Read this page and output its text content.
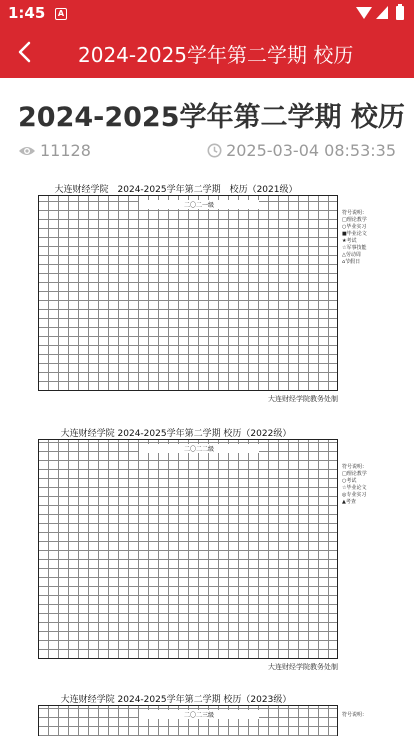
1:45	A
2024-2025学年第二学期 校历
2024-2025学年第二学期 校历
11128	2025-03-04 08:53:35
大连财经学院　2024-2025学年第二学期　校历（2021级）
二〇二一级
符号说明：
□理论教学
○毕业实习
■毕业论文
★考试
☆军事技能
△劳动周
⌂节假日
大连财经学院教务处制
大连财经学院 2024-2025学年第二学期 校历（2022级）
二〇二二级
符号说明：
□理论教学
○考试
☆毕业论文
◎专业实习
▲考查
大连财经学院教务处制
大连财经学院 2024-2025学年第二学期 校历（2023级）
二〇二三级	符号说明：
